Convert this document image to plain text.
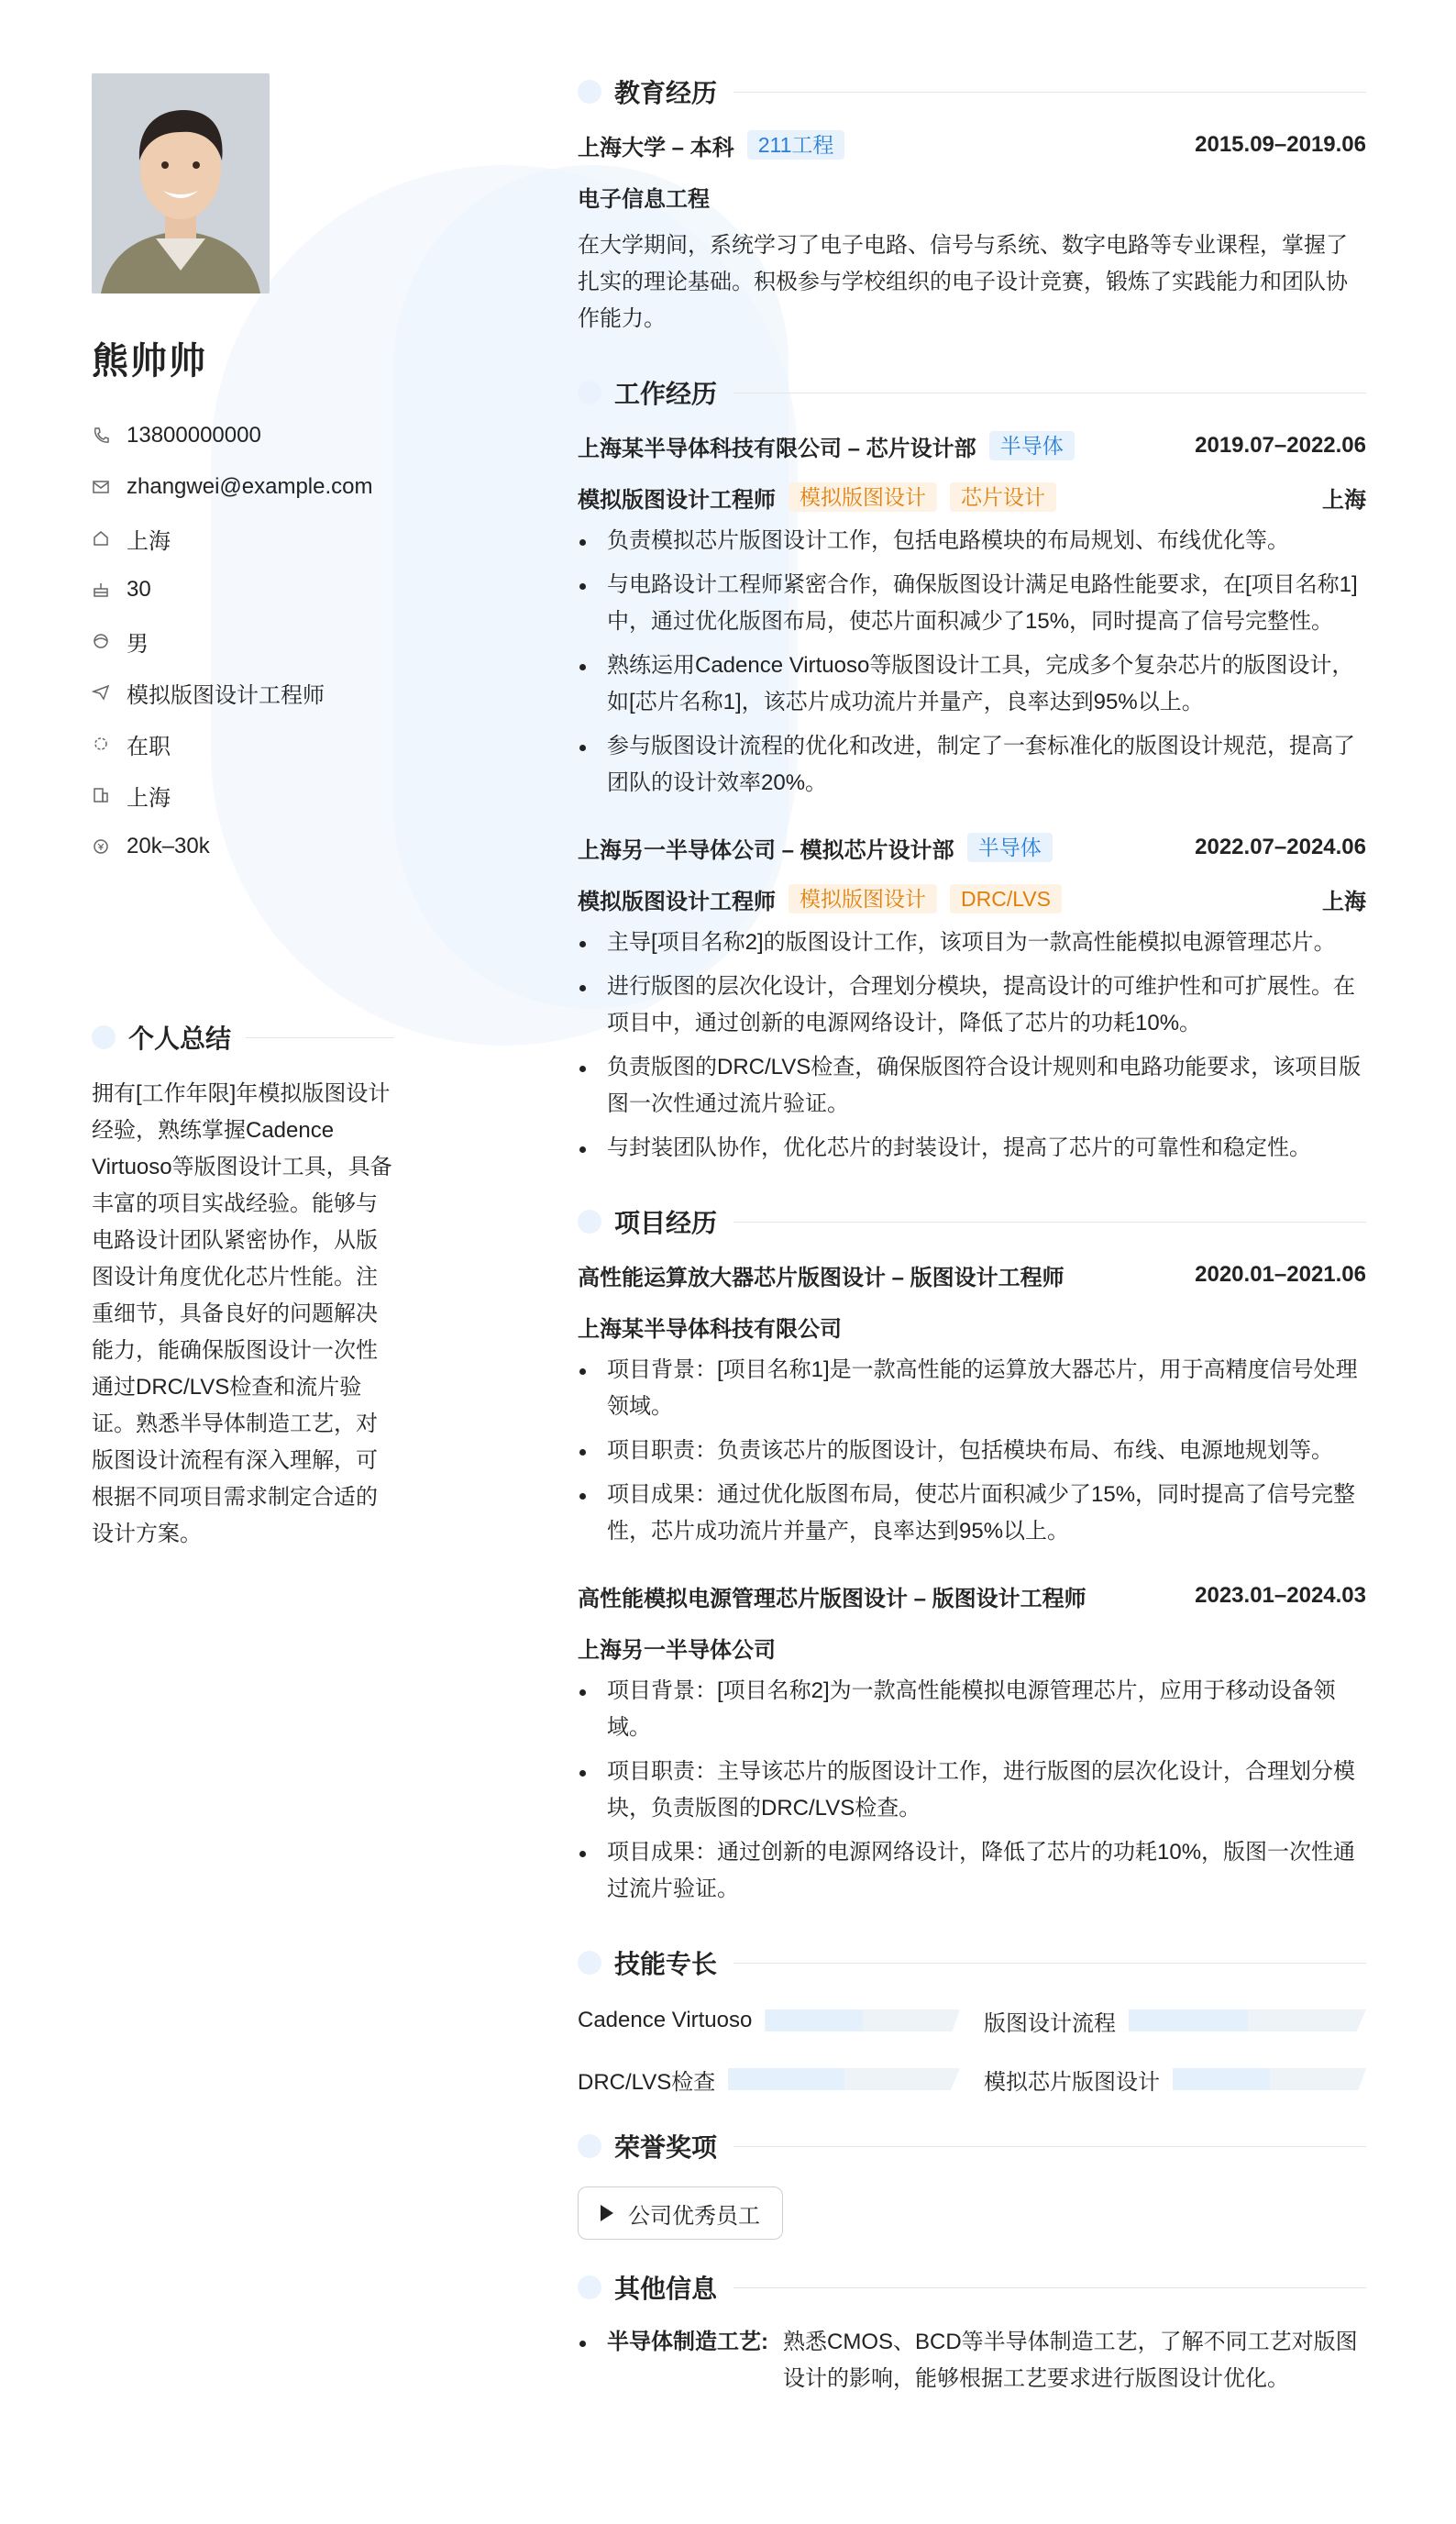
熊帅帅
13800000000
zhangwei@example.com
上海
30
男
模拟版图设计工程师
在职
上海
20k–30k
个人总结
拥有[工作年限]年模拟版图设计经验，熟练掌握Cadence Virtuoso等版图设计工具，具备丰富的项目实战经验。能够与电路设计团队紧密协作，从版图设计角度优化芯片性能。注重细节，具备良好的问题解决能力，能确保版图设计一次性通过DRC/LVS检查和流片验证。熟悉半导体制造工艺，对版图设计流程有深入理解，可根据不同项目需求制定合适的设计方案。
教育经历
上海大学 – 本科	211工程	2015.09–2019.06
电子信息工程
在大学期间，系统学习了电子电路、信号与系统、数字电路等专业课程，掌握了扎实的理论基础。积极参与学校组织的电子设计竞赛，锻炼了实践能力和团队协作能力。
工作经历
上海某半导体科技有限公司 – 芯片设计部	半导体	2019.07–2022.06
模拟版图设计工程师	模拟版图设计	芯片设计	上海
负责模拟芯片版图设计工作，包括电路模块的布局规划、布线优化等。
与电路设计工程师紧密合作，确保版图设计满足电路性能要求，在[项目名称1]中，通过优化版图布局，使芯片面积减少了15%，同时提高了信号完整性。
熟练运用Cadence Virtuoso等版图设计工具，完成多个复杂芯片的版图设计，如[芯片名称1]，该芯片成功流片并量产，良率达到95%以上。
参与版图设计流程的优化和改进，制定了一套标准化的版图设计规范，提高了团队的设计效率20%。
上海另一半导体公司 – 模拟芯片设计部	半导体	2022.07–2024.06
模拟版图设计工程师	模拟版图设计	DRC/LVS	上海
主导[项目名称2]的版图设计工作，该项目为一款高性能模拟电源管理芯片。
进行版图的层次化设计，合理划分模块，提高设计的可维护性和可扩展性。在项目中，通过创新的电源网络设计，降低了芯片的功耗10%。
负责版图的DRC/LVS检查，确保版图符合设计规则和电路功能要求，该项目版图一次性通过流片验证。
与封装团队协作，优化芯片的封装设计，提高了芯片的可靠性和稳定性。
项目经历
高性能运算放大器芯片版图设计 – 版图设计工程师	2020.01–2021.06
上海某半导体科技有限公司
项目背景：[项目名称1]是一款高性能的运算放大器芯片，用于高精度信号处理领域。
项目职责：负责该芯片的版图设计，包括模块布局、布线、电源地规划等。
项目成果：通过优化版图布局，使芯片面积减少了15%，同时提高了信号完整性，芯片成功流片并量产，良率达到95%以上。
高性能模拟电源管理芯片版图设计 – 版图设计工程师	2023.01–2024.03
上海另一半导体公司
项目背景：[项目名称2]为一款高性能模拟电源管理芯片，应用于移动设备领域。
项目职责：主导该芯片的版图设计工作，进行版图的层次化设计，合理划分模块，负责版图的DRC/LVS检查。
项目成果：通过创新的电源网络设计，降低了芯片的功耗10%，版图一次性通过流片验证。
技能专长
Cadence Virtuoso	版图设计流程
DRC/LVS检查	模拟芯片版图设计
荣誉奖项
公司优秀员工
其他信息
半导体制造工艺: 熟悉CMOS、BCD等半导体制造工艺，了解不同工艺对版图设计的影响，能够根据工艺要求进行版图设计优化。
